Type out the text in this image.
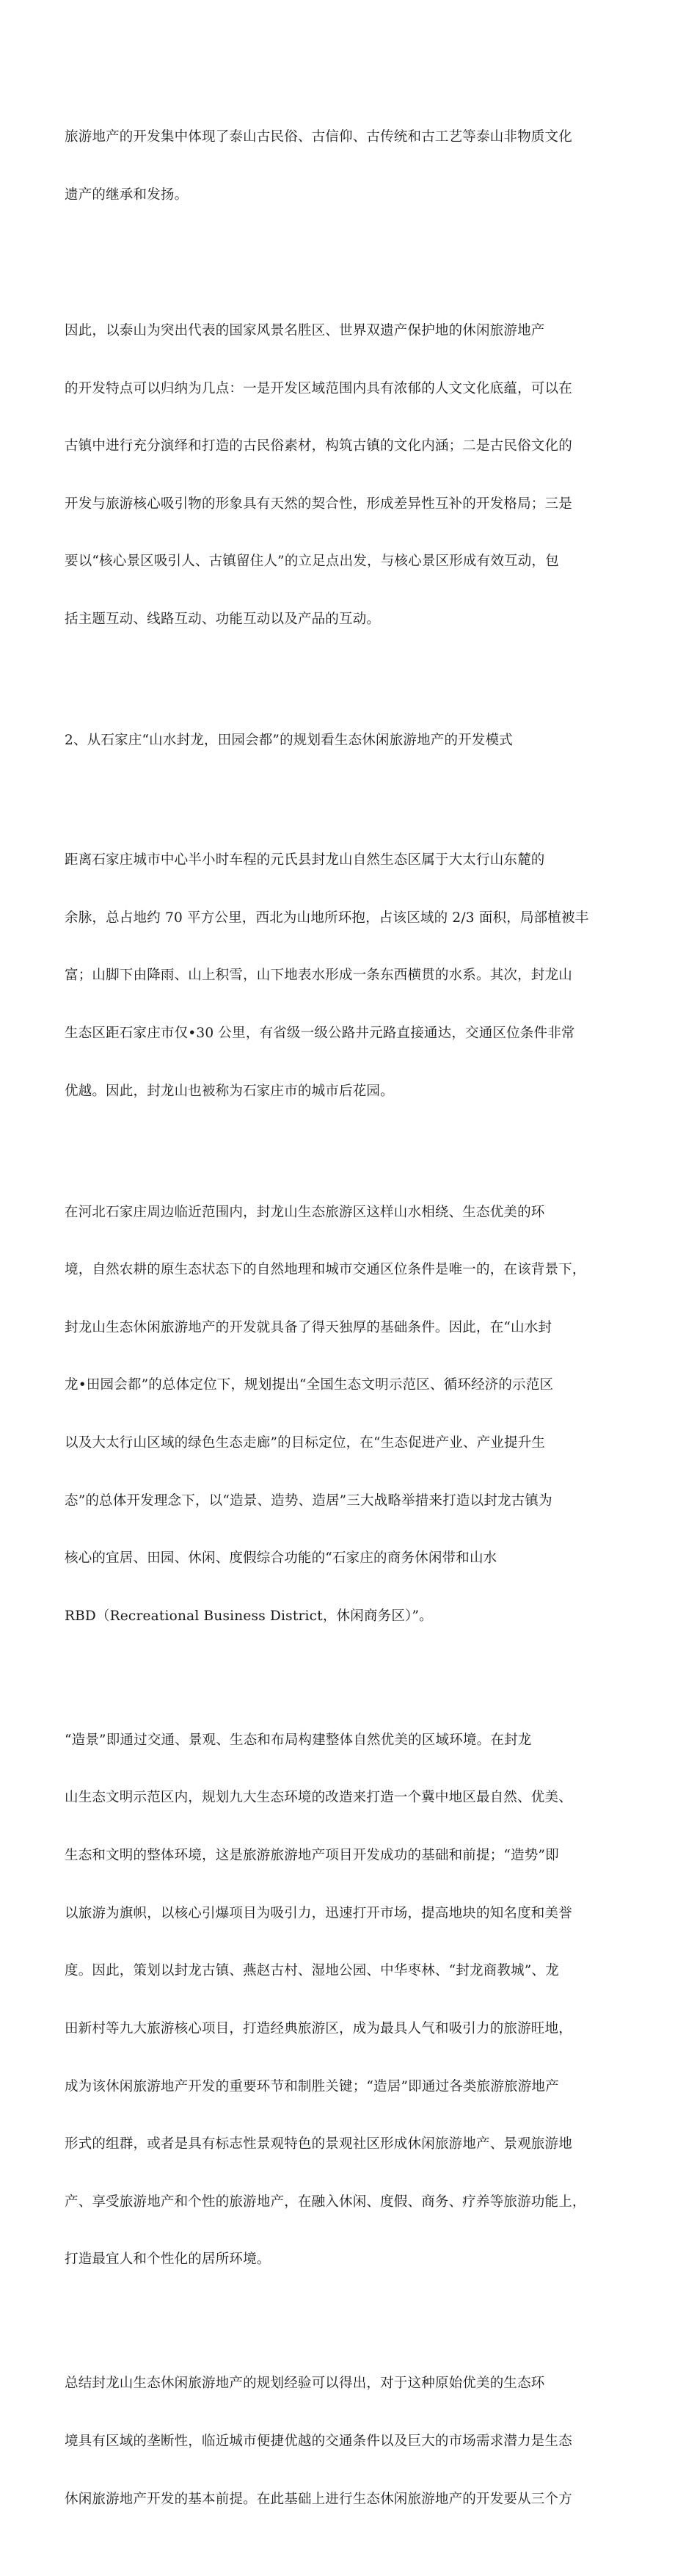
旅游地产的开发集中体现了泰山古民俗、古信仰、古传统和古工艺等泰山非物质文化

遗产的继承和发扬。

因此，以泰山为突出代表的国家风景名胜区、世界双遗产保护地的休闲旅游地产

的开发特点可以归纳为几点：一是开发区域范围内具有浓郁的人文文化底蕴，可以在

古镇中进行充分演绎和打造的古民俗素材，构筑古镇的文化内涵；二是古民俗文化的

开发与旅游核心吸引物的形象具有天然的契合性，形成差异性互补的开发格局；三是

要以“核心景区吸引人、古镇留住人”的立足点出发，与核心景区形成有效互动，包

括主题互动、线路互动、功能互动以及产品的互动。

2、从石家庄“山水封龙，田园会都”的规划看生态休闲旅游地产的开发模式

距离石家庄城市中心半小时车程的元氏县封龙山自然生态区属于大太行山东麓的

余脉，总占地约 70 平方公里，西北为山地所环抱，占该区域的 2/3 面积，局部植被丰

富；山脚下由降雨、山上积雪，山下地表水形成一条东西横贯的水系。其次，封龙山

生态区距石家庄市仅•30 公里，有省级一级公路井元路直接通达，交通区位条件非常

优越。因此，封龙山也被称为石家庄市的城市后花园。

在河北石家庄周边临近范围内，封龙山生态旅游区这样山水相绕、生态优美的环

境，自然农耕的原生态状态下的自然地理和城市交通区位条件是唯一的，在该背景下，

封龙山生态休闲旅游地产的开发就具备了得天独厚的基础条件。因此，在“山水封

龙•田园会都”的总体定位下，规划提出“全国生态文明示范区、循环经济的示范区

以及大太行山区域的绿色生态走廊”的目标定位，在“生态促进产业、产业提升生

态”的总体开发理念下，以“造景、造势、造居”三大战略举措来打造以封龙古镇为

核心的宜居、田园、休闲、度假综合功能的“石家庄的商务休闲带和山水

RBD（Recreational Business District，休闲商务区）”。

“造景”即通过交通、景观、生态和布局构建整体自然优美的区域环境。在封龙

山生态文明示范区内，规划九大生态环境的改造来打造一个冀中地区最自然、优美、

生态和文明的整体环境，这是旅游旅游地产项目开发成功的基础和前提；“造势”即

以旅游为旗帜，以核心引爆项目为吸引力，迅速打开市场，提高地块的知名度和美誉

度。因此，策划以封龙古镇、燕赵古村、湿地公园、中华枣林、“封龙商教城”、龙

田新村等九大旅游核心项目，打造经典旅游区，成为最具人气和吸引力的旅游旺地，

成为该休闲旅游地产开发的重要环节和制胜关键；“造居”即通过各类旅游旅游地产

形式的组群，或者是具有标志性景观特色的景观社区形成休闲旅游地产、景观旅游地

产、享受旅游地产和个性的旅游地产，在融入休闲、度假、商务、疗养等旅游功能上，

打造最宜人和个性化的居所环境。

总结封龙山生态休闲旅游地产的规划经验可以得出，对于这种原始优美的生态环

境具有区域的垄断性，临近城市便捷优越的交通条件以及巨大的市场需求潜力是生态

休闲旅游地产开发的基本前提。在此基础上进行生态休闲旅游地产的开发要从三个方
